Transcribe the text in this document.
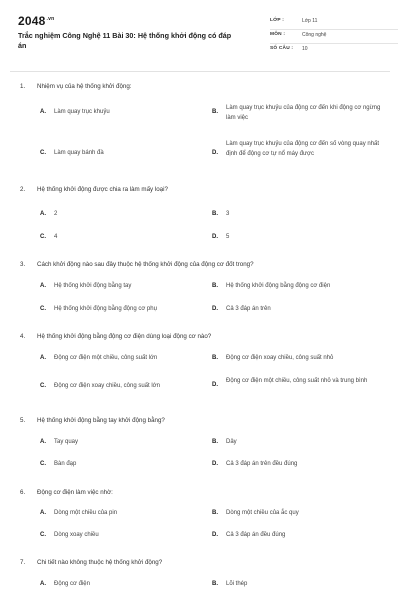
$2048^{.vn}$
Trắc nghiệm Công Nghệ 11 Bài 30: Hệ thống khởi động có đáp án
LỚP :	Lớp 11
MÔN :	Công nghệ
SỐ CÂU : 10
1. Nhiệm vụ của hệ thống khởi động:
A. Làm quay trục khuỷu	B.
Làm quay trục khuỷu của động cơ đến khi động cơ ngừng làm việc
C. Làm quay bánh đà	D.
Làm quay trục khuỷu của động cơ đến số vòng quay nhất định để động cơ tự nổ máy được
2. Hệ thống khởi động được chia ra làm mấy loại?
A. 2	B. 3
C. 4	D. 5
3. Cách khởi động nào sau đây thuộc hệ thống khởi động của động cơ đốt trong?
A. Hệ thống khởi động bằng tay	B. Hệ thống khởi động bằng động cơ điện
C. Hệ thống khởi động bằng động cơ phụ	D. Cả 3 đáp án trên
4. Hệ thống khởi động bằng động cơ điện dùng loại động cơ nào?
A. Động cơ điện một chiều, công suất lớn	B. Động cơ điện xoay chiều, công suất nhỏ
C. Động cơ điện xoay chiều, công suất lớn	D.
Động cơ điện một chiều, công suất nhỏ và trung bình
5. Hệ thống khởi động bằng tay khởi động bằng?
A. Tay quay	B. Dây
C. Bàn đạp	D. Cả 3 đáp án trên đều đúng
6. Động cơ điện làm việc nhờ:
A. Dòng một chiều của pin	B. Dòng một chiều của ắc quy
C. Dòng xoay chiều	D. Cả 3 đáp án đều đúng
7. Chi tiết nào không thuộc hệ thống khởi động?
A. Động cơ điện	B. Lõi thép
